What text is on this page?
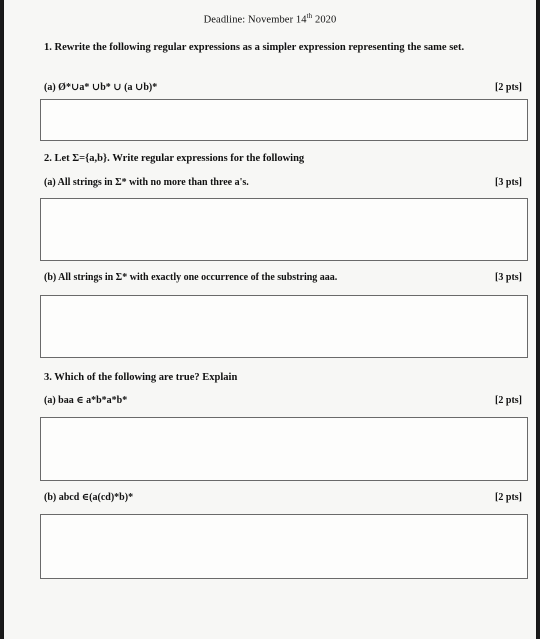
Deadline: November 14th 2020
1. Rewrite the following regular expressions as a simpler expression representing the same set.
(a) Ø*∪a* ∪b* ∪ (a ∪b)*	[2 pts]
2. Let Σ={a,b}. Write regular expressions for the following
(a) All strings in Σ* with no more than three a's.	[3 pts]
(b) All strings in Σ* with exactly one occurrence of the substring aaa.	[3 pts]
3. Which of the following are true? Explain
(a) baa ∈ a*b*a*b*	[2 pts]
(b) abcd ∈(a(cd)*b)*	[2 pts]
